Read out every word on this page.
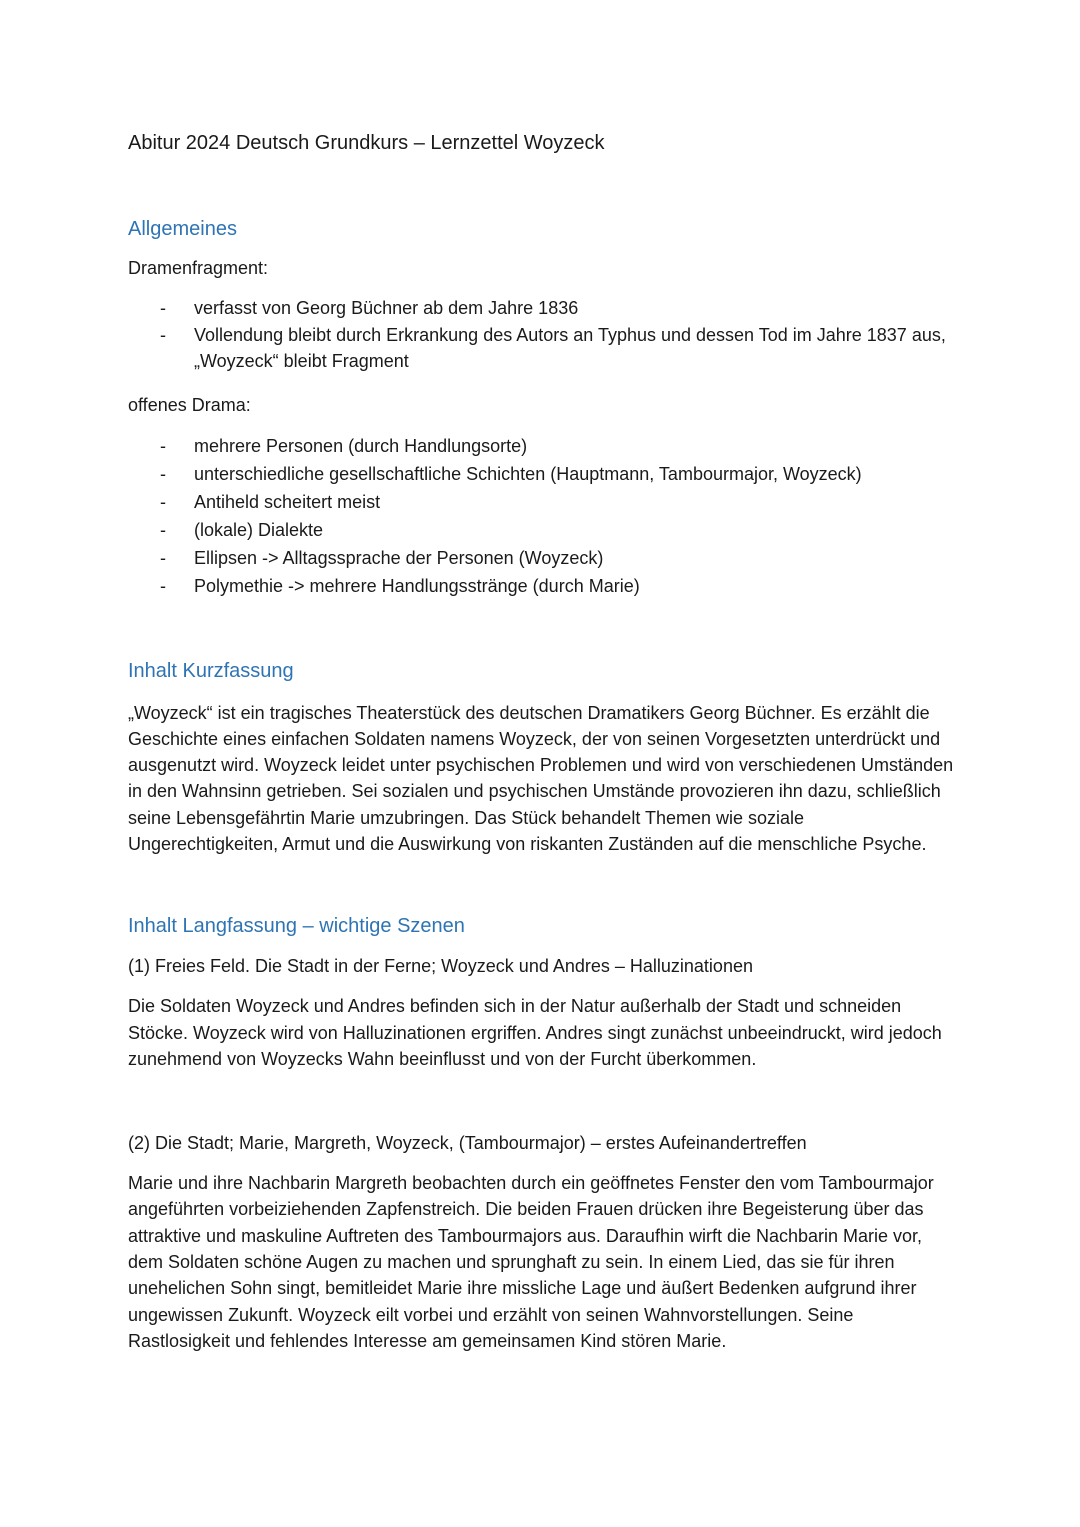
Abitur 2024 Deutsch Grundkurs – Lernzettel Woyzeck
Allgemeines

Dramenfragment:

- verfasst von Georg Büchner ab dem Jahre 1836
- Vollendung bleibt durch Erkrankung des Autors an Typhus und dessen Tod im Jahre 1837 aus, „Woyzeck“ bleibt Fragment

offenes Drama:

- mehrere Personen (durch Handlungsorte)
- unterschiedliche gesellschaftliche Schichten (Hauptmann, Tambourmajor, Woyzeck)
- Antiheld scheitert meist
- (lokale) Dialekte
- Ellipsen -> Alltagssprache der Personen (Woyzeck)
- Polymethie -> mehrere Handlungsstränge (durch Marie)
Inhalt Kurzfassung

„Woyzeck“ ist ein tragisches Theaterstück des deutschen Dramatikers Georg Büchner. Es erzählt die Geschichte eines einfachen Soldaten namens Woyzeck, der von seinen Vorgesetzten unterdrückt und ausgenutzt wird. Woyzeck leidet unter psychischen Problemen und wird von verschiedenen Umständen in den Wahnsinn getrieben. Sei sozialen und psychischen Umstände provozieren ihn dazu, schließlich seine Lebensgefährtin Marie umzubringen. Das Stück behandelt Themen wie soziale Ungerechtigkeiten, Armut und die Auswirkung von riskanten Zuständen auf die menschliche Psyche.

Inhalt Langfassung – wichtige Szenen

(1) Freies Feld. Die Stadt in der Ferne; Woyzeck und Andres – Halluzinationen

Die Soldaten Woyzeck und Andres befinden sich in der Natur außerhalb der Stadt und schneiden Stöcke. Woyzeck wird von Halluzinationen ergriffen. Andres singt zunächst unbeeindruckt, wird jedoch zunehmend von Woyzecks Wahn beeinflusst und von der Furcht überkommen.

(2) Die Stadt; Marie, Margreth, Woyzeck, (Tambourmajor) – erstes Aufeinandertreffen

Marie und ihre Nachbarin Margreth beobachten durch ein geöffnetes Fenster den vom Tambourmajor angeführten vorbeiziehenden Zapfenstreich. Die beiden Frauen drücken ihre Begeisterung über das attraktive und maskuline Auftreten des Tambourmajors aus. Daraufhin wirft die Nachbarin Marie vor, dem Soldaten schöne Augen zu machen und sprunghaft zu sein. In einem Lied, das sie für ihren unehelichen Sohn singt, bemitleidet Marie ihre missliche Lage und äußert Bedenken aufgrund ihrer ungewissen Zukunft. Woyzeck eilt vorbei und erzählt von seinen Wahnvorstellungen. Seine Rastlosigkeit und fehlendes Interesse am gemeinsamen Kind stören Marie.
